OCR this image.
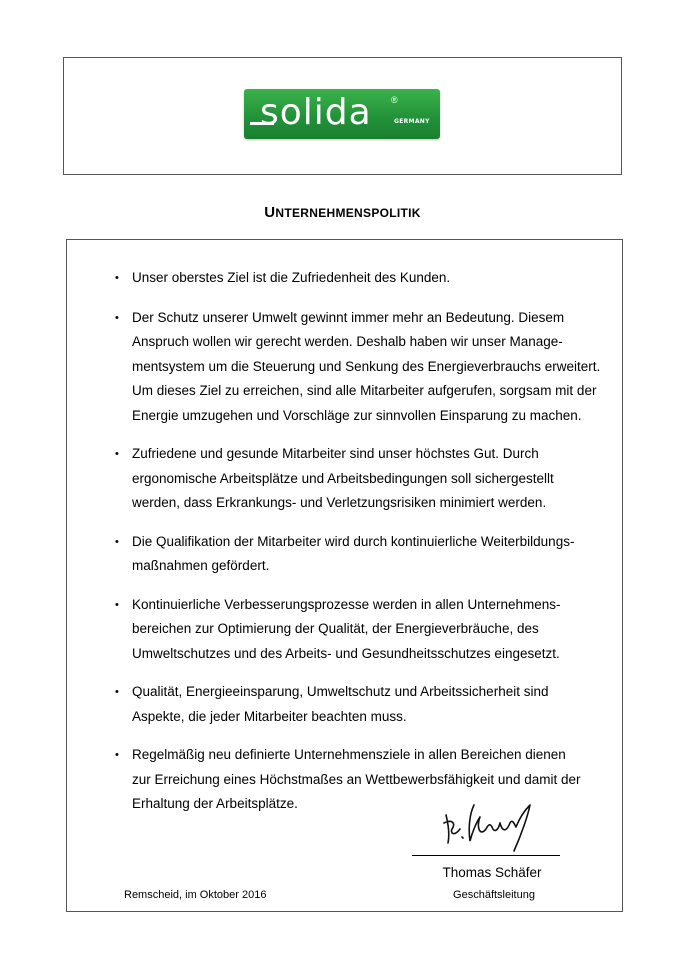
solida ®
GERMANY
UNTERNEHMENSPOLITIK
• Unser oberstes Ziel ist die Zufriedenheit des Kunden.
• Der Schutz unserer Umwelt gewinnt immer mehr an Bedeutung. Diesem
Anspruch wollen wir gerecht werden. Deshalb haben wir unser Manage-
mentsystem um die Steuerung und Senkung des Energieverbrauchs erweitert.
Um dieses Ziel zu erreichen, sind alle Mitarbeiter aufgerufen, sorgsam mit der
Energie umzugehen und Vorschläge zur sinnvollen Einsparung zu machen.
• Zufriedene und gesunde Mitarbeiter sind unser höchstes Gut. Durch
ergonomische Arbeitsplätze und Arbeitsbedingungen soll sichergestellt
werden, dass Erkrankungs- und Verletzungsrisiken minimiert werden.
• Die Qualifikation der Mitarbeiter wird durch kontinuierliche Weiterbildungs-
maßnahmen gefördert.
• Kontinuierliche Verbesserungsprozesse werden in allen Unternehmens-
bereichen zur Optimierung der Qualität, der Energieverbräuche, des
Umweltschutzes und des Arbeits- und Gesundheitsschutzes eingesetzt.
• Qualität, Energieeinsparung, Umweltschutz und Arbeitssicherheit sind
Aspekte, die jeder Mitarbeiter beachten muss.
• Regelmäßig neu definierte Unternehmensziele in allen Bereichen dienen
zur Erreichung eines Höchstmaßes an Wettbewerbsfähigkeit und damit der
Erhaltung der Arbeitsplätze.
Thomas Schäfer
Geschäftsleitung
Remscheid, im Oktober 2016
